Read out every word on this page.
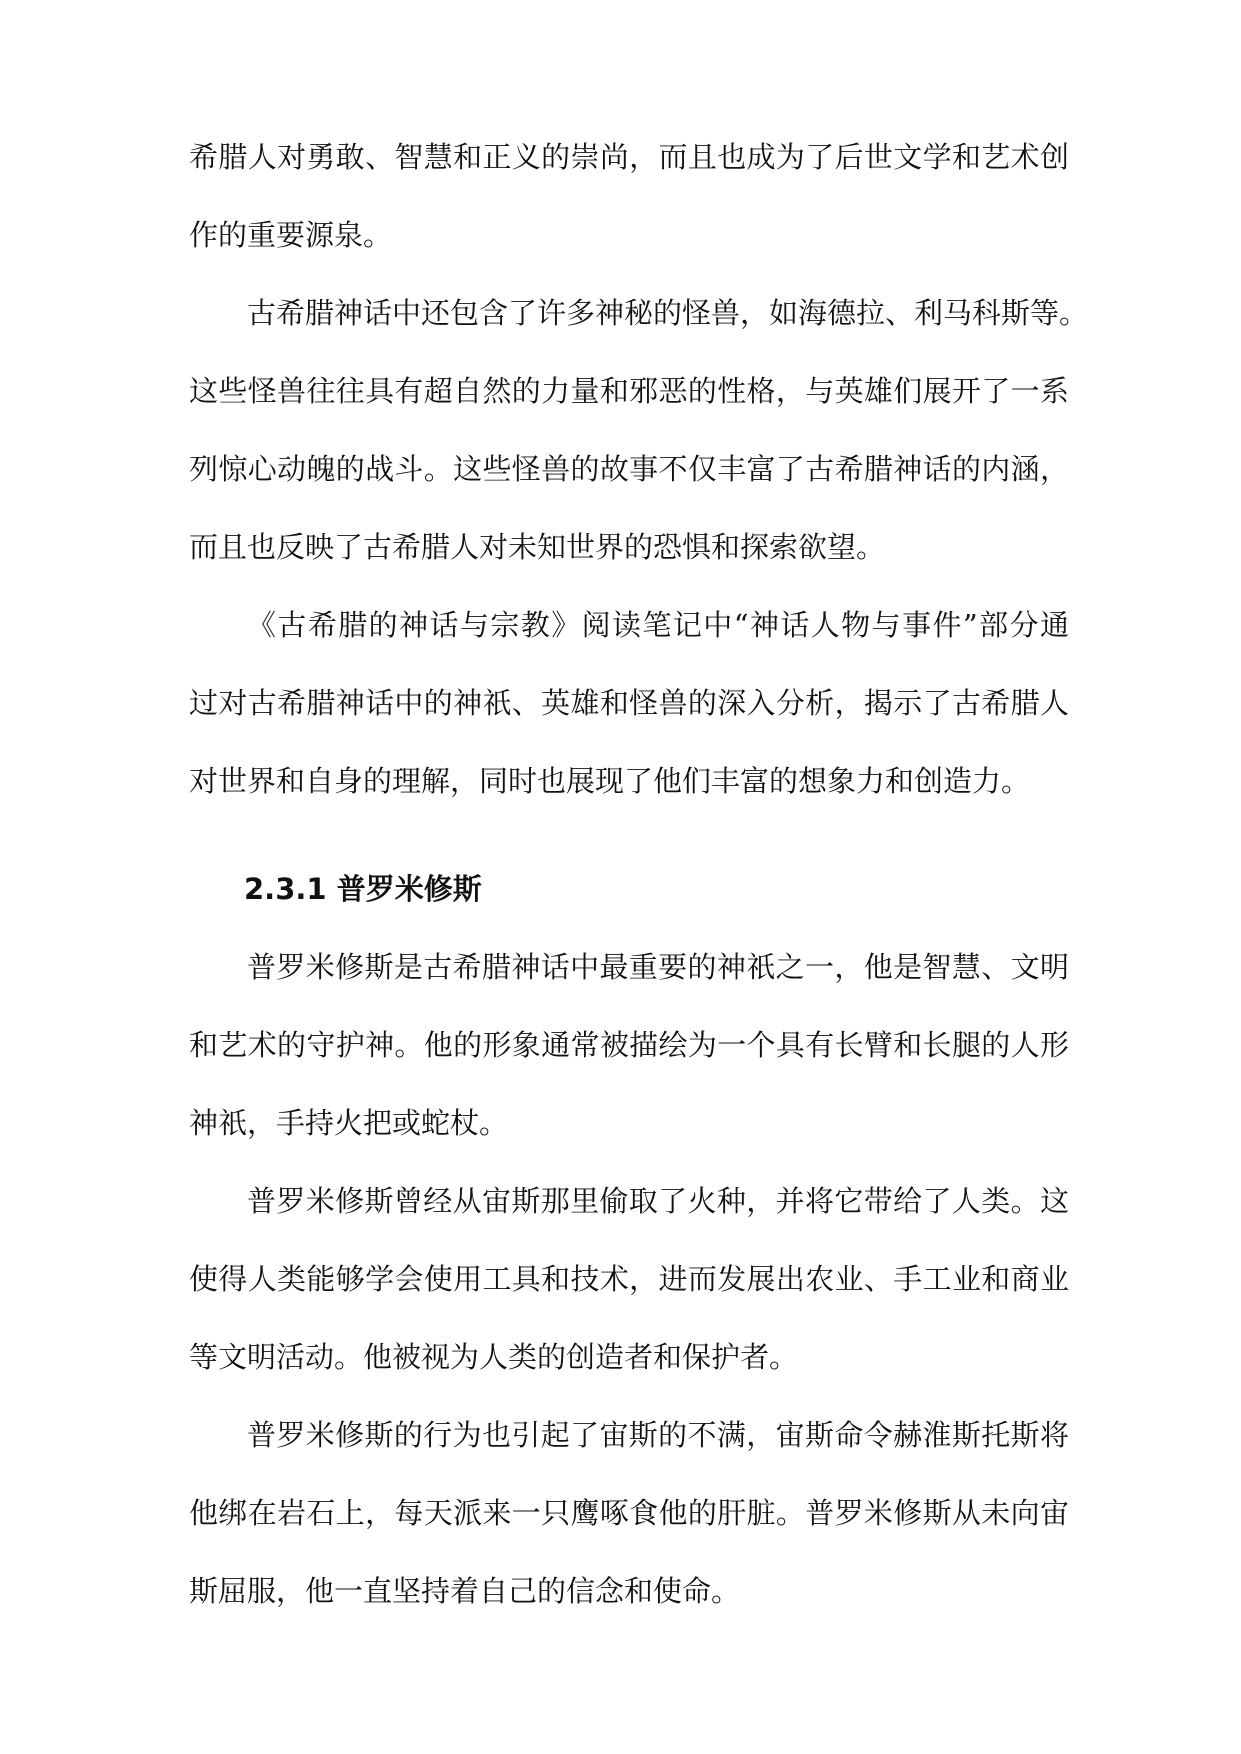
希腊人对勇敢、智慧和正义的崇尚，而且也成为了后世文学和艺术创
作的重要源泉。
古希腊神话中还包含了许多神秘的怪兽，如海德拉、利马科斯等。
这些怪兽往往具有超自然的力量和邪恶的性格，与英雄们展开了一系
列惊心动魄的战斗。这些怪兽的故事不仅丰富了古希腊神话的内涵，
而且也反映了古希腊人对未知世界的恐惧和探索欲望。
《古希腊的神话与宗教》阅读笔记中“神话人物与事件”部分通
过对古希腊神话中的神祇、英雄和怪兽的深入分析，揭示了古希腊人
对世界和自身的理解，同时也展现了他们丰富的想象力和创造力。
2.3.1 普罗米修斯
普罗米修斯是古希腊神话中最重要的神祇之一，他是智慧、文明
和艺术的守护神。他的形象通常被描绘为一个具有长臂和长腿的人形
神祇，手持火把或蛇杖。
普罗米修斯曾经从宙斯那里偷取了火种，并将它带给了人类。这
使得人类能够学会使用工具和技术，进而发展出农业、手工业和商业
等文明活动。他被视为人类的创造者和保护者。
普罗米修斯的行为也引起了宙斯的不满，宙斯命令赫淮斯托斯将
他绑在岩石上，每天派来一只鹰啄食他的肝脏。普罗米修斯从未向宙
斯屈服，他一直坚持着自己的信念和使命。
